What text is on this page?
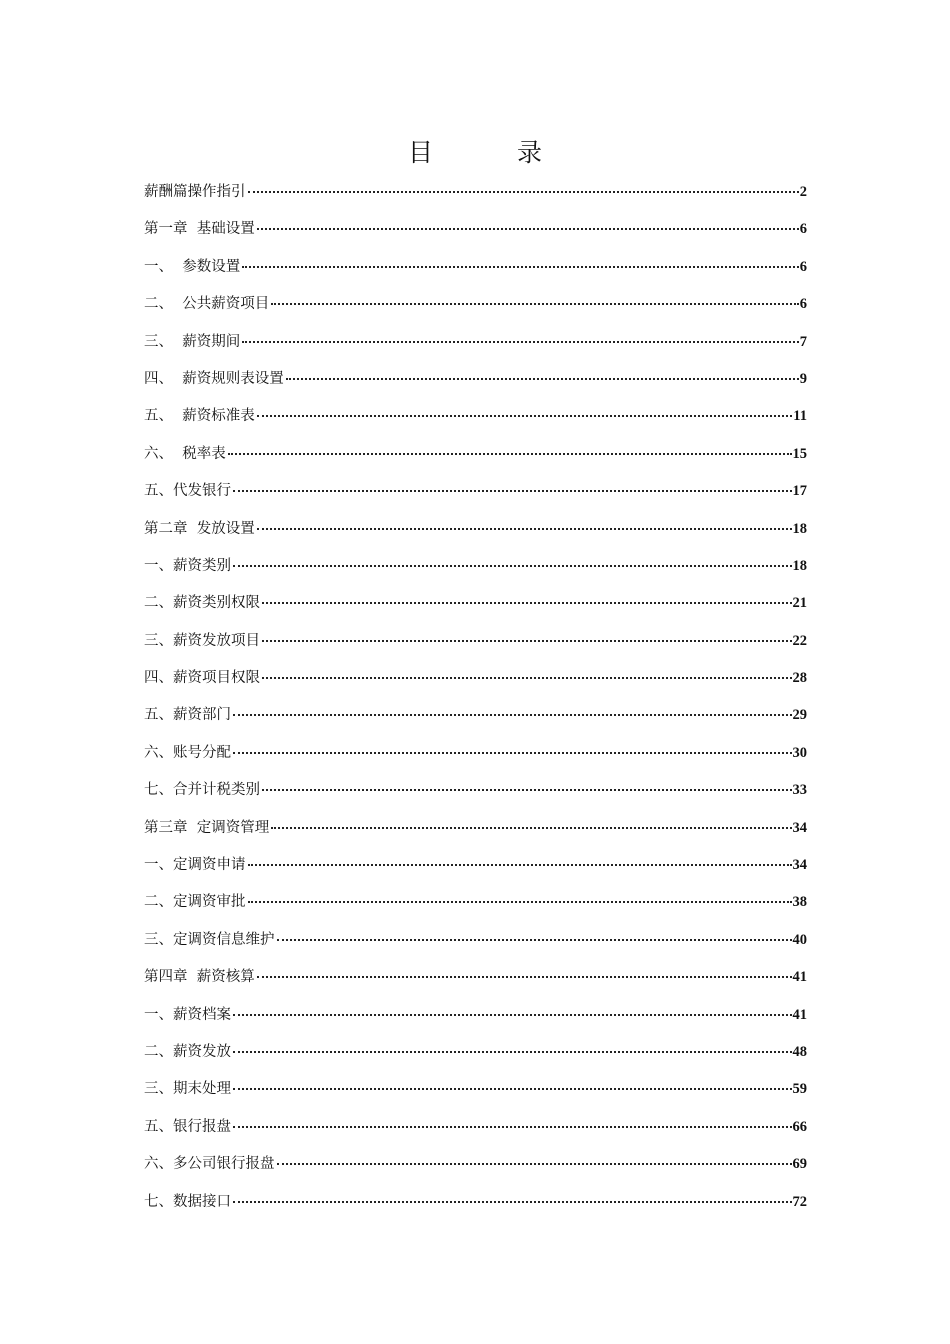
目 录
薪酬篇操作指引	2
第一章  基础设置	6
一、  参数设置	6
二、  公共薪资项目	6
三、  薪资期间	7
四、  薪资规则表设置	9
五、  薪资标准表	11
六、  税率表	15
五、代发银行	17
第二章  发放设置	18
一、薪资类别	18
二、薪资类别权限	21
三、薪资发放项目	22
四、薪资项目权限	28
五、薪资部门	29
六、账号分配	30
七、合并计税类别	33
第三章  定调资管理	34
一、定调资申请	34
二、定调资审批	38
三、定调资信息维护	40
第四章  薪资核算	41
一、薪资档案	41
二、薪资发放	48
三、期末处理	59
五、银行报盘	66
六、多公司银行报盘	69
七、数据接口	72
